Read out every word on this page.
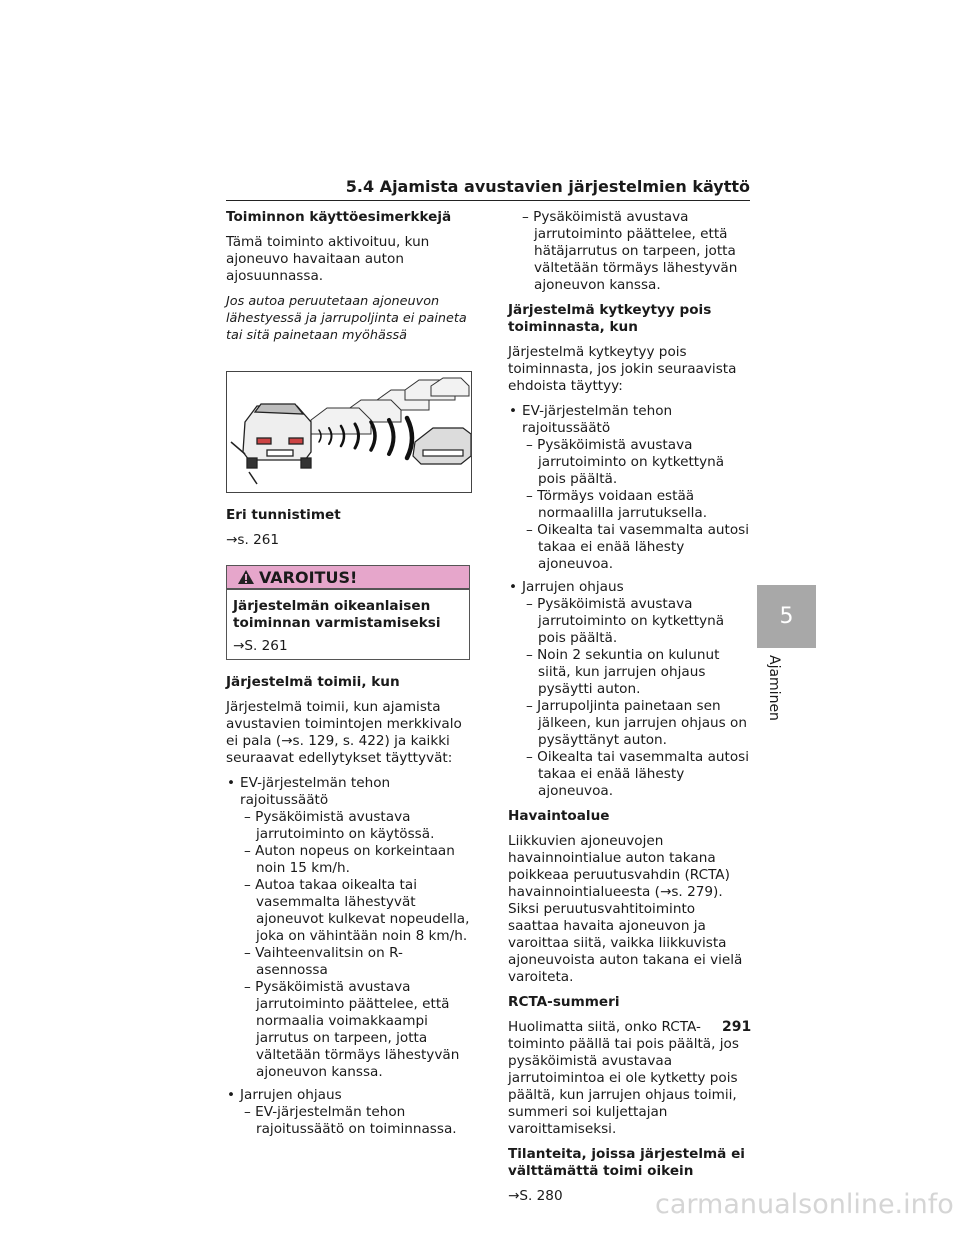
5.4 Ajamista avustavien järjestelmien käyttö
5
Ajaminen
Toiminnon käyttöesimerkkejä

Tämä toiminto aktivoituu, kun ajoneuvo havaitaan auton ajosuunnassa.

Jos autoa peruutetaan ajoneuvon lähestyessä ja jarrupoljinta ei paineta tai sitä painetaan myöhässä

Eri tunnistimet
→s. 261
VAROITUS!
Järjestelmän oikeanlaisen toiminnan varmistamiseksi
→S. 261
Järjestelmä toimii, kun

Järjestelmä toimii, kun ajamista avustavien toimintojen merkkivalo ei pala (→s. 129, s. 422) ja kaikki seuraavat edellytykset täyttyvät:

• EV-järjestelmän tehon rajoitussäätö
– Pysäköimistä avustava jarrutoiminto on käytössä.
– Auton nopeus on korkeintaan noin 15 km/h.
– Autoa takaa oikealta tai vasemmalta lähestyvät ajoneuvot kulkevat nopeudella, joka on vähintään noin 8 km/h.
– Vaihteenvalitsin on R-asennossa
– Pysäköimistä avustava jarrutoiminto päättelee, että normaalia voimakkaampi jarrutus on tarpeen, jotta vältetään törmäys lähestyvän ajoneuvon kanssa.
• Jarrujen ohjaus
– EV-järjestelmän tehon rajoitussäätö on toiminnassa.
– Pysäköimistä avustava jarrutoiminto päättelee, että hätäjarrutus on tarpeen, jotta vältetään törmäys lähestyvän ajoneuvon kanssa.
Järjestelmä kytkeytyy pois toiminnasta, kun

Järjestelmä kytkeytyy pois toiminnasta, jos jokin seuraavista ehdoista täyttyy:

• EV-järjestelmän tehon rajoitussäätö
– Pysäköimistä avustava jarrutoiminto on kytkettynä pois päältä.
– Törmäys voidaan estää normaalilla jarrutuksella.
– Oikealta tai vasemmalta autosi takaa ei enää lähesty ajoneuvoa.
• Jarrujen ohjaus
– Pysäköimistä avustava jarrutoiminto on kytkettynä pois päältä.
– Noin 2 sekuntia on kulunut siitä, kun jarrujen ohjaus pysäytti auton.
– Jarrupoljinta painetaan sen jälkeen, kun jarrujen ohjaus on pysäyttänyt auton.
– Oikealta tai vasemmalta autosi takaa ei enää lähesty ajoneuvoa.
Havaintoalue

Liikkuvien ajoneuvojen havainnointialue auton takana poikkeaa peruutusvahdin (RCTA) havainnointialueesta (→s. 279). Siksi peruutusvahtitoiminto saattaa havaita ajoneuvon ja varoittaa siitä, vaikka liikkuvista ajoneuvoista auton takana ei vielä varoiteta.

RCTA-summeri

Huolimatta siitä, onko RCTA-toiminto päällä tai pois päältä, jos pysäköimistä avustavaa jarrutoimintoa ei ole kytketty pois päältä, kun jarrujen ohjaus toimii, summeri soi kuljettajan varoittamiseksi.

Tilanteita, joissa järjestelmä ei välttämättä toimi oikein
→S. 280
291
carmanualsonline.info
